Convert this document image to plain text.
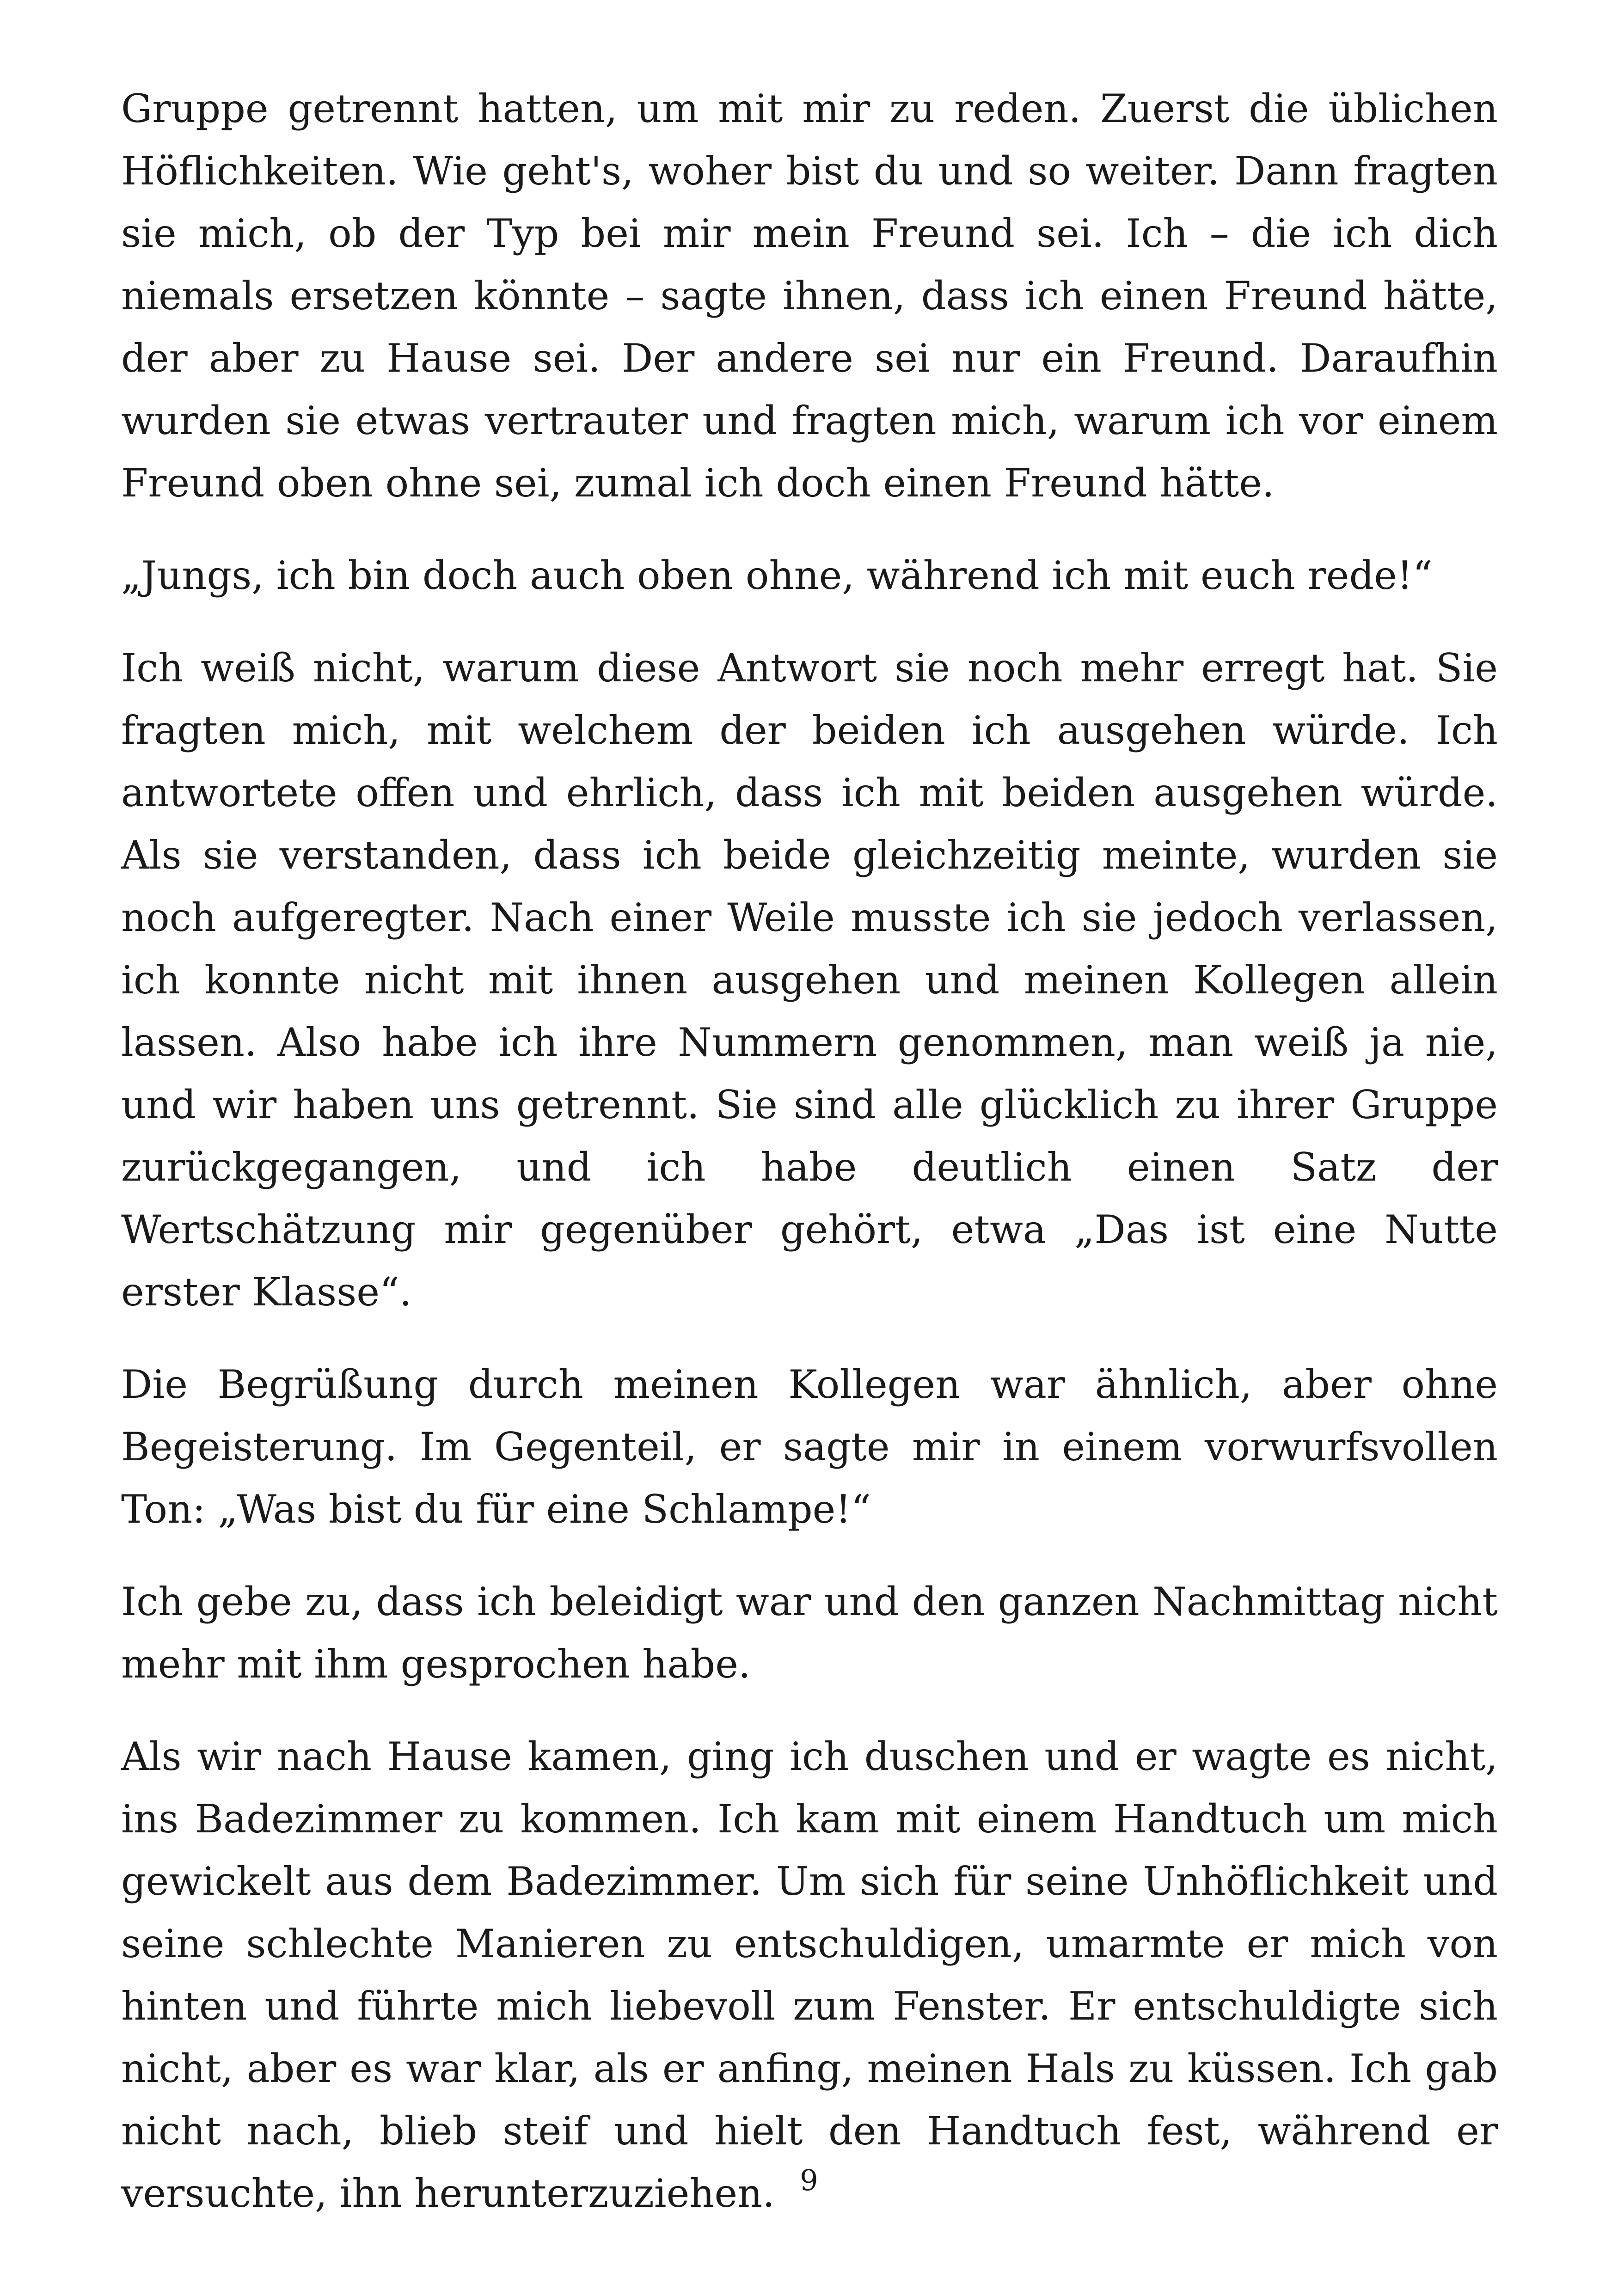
Gruppe getrennt hatten, um mit mir zu reden. Zuerst die üblichen Höflichkeiten. Wie geht's, woher bist du und so weiter. Dann fragten sie mich, ob der Typ bei mir mein Freund sei. Ich – die ich dich niemals ersetzen könnte – sagte ihnen, dass ich einen Freund hätte, der aber zu Hause sei. Der andere sei nur ein Freund. Daraufhin wurden sie etwas vertrauter und fragten mich, warum ich vor einem Freund oben ohne sei, zumal ich doch einen Freund hätte.

„Jungs, ich bin doch auch oben ohne, während ich mit euch rede!“

Ich weiß nicht, warum diese Antwort sie noch mehr erregt hat. Sie fragten mich, mit welchem der beiden ich ausgehen würde. Ich antwortete offen und ehrlich, dass ich mit beiden ausgehen würde. Als sie verstanden, dass ich beide gleichzeitig meinte, wurden sie noch aufgeregter. Nach einer Weile musste ich sie jedoch verlassen, ich konnte nicht mit ihnen ausgehen und meinen Kollegen allein lassen. Also habe ich ihre Nummern genommen, man weiß ja nie, und wir haben uns getrennt. Sie sind alle glücklich zu ihrer Gruppe zurückgegangen, und ich habe deutlich einen Satz der Wertschätzung mir gegenüber gehört, etwa „Das ist eine Nutte erster Klasse“.

Die Begrüßung durch meinen Kollegen war ähnlich, aber ohne Begeisterung. Im Gegenteil, er sagte mir in einem vorwurfsvollen Ton: „Was bist du für eine Schlampe!“

Ich gebe zu, dass ich beleidigt war und den ganzen Nachmittag nicht mehr mit ihm gesprochen habe.

Als wir nach Hause kamen, ging ich duschen und er wagte es nicht, ins Badezimmer zu kommen. Ich kam mit einem Handtuch um mich gewickelt aus dem Badezimmer. Um sich für seine Unhöflichkeit und seine schlechte Manieren zu entschuldigen, umarmte er mich von hinten und führte mich liebevoll zum Fenster. Er entschuldigte sich nicht, aber es war klar, als er anfing, meinen Hals zu küssen. Ich gab nicht nach, blieb steif und hielt den Handtuch fest, während er versuchte, ihn herunterzuziehen. 9
